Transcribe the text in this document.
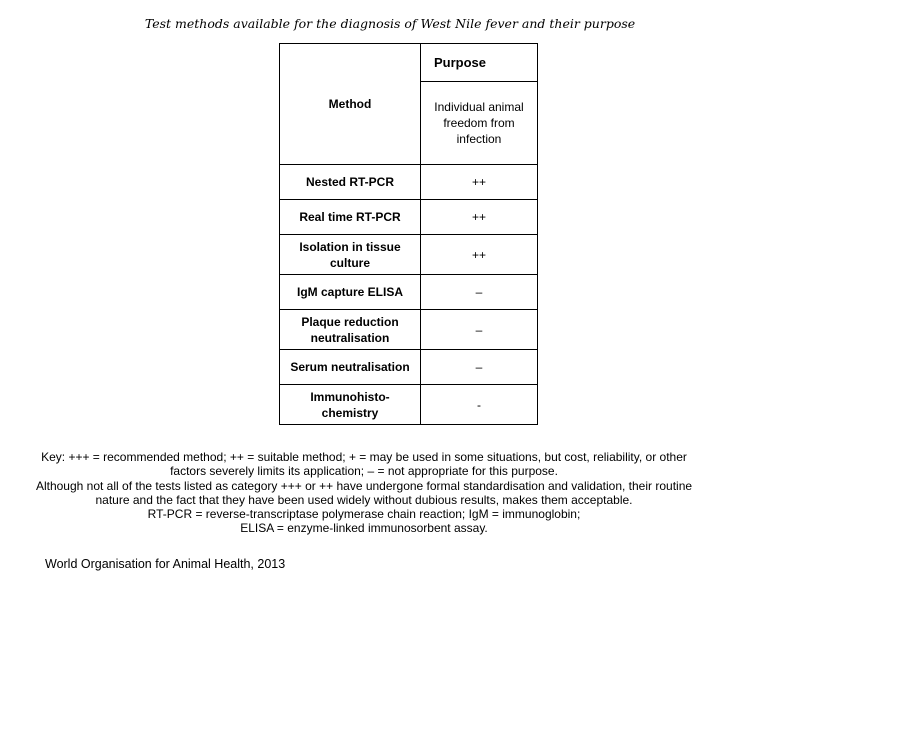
Test methods available for the diagnosis of West Nile fever and their purpose
Method	Purpose
	Individual animal freedom from infection
Nested RT-PCR	++
Real time RT-PCR	++
Isolation in tissue culture	++
IgM capture ELISA	–
Plaque reduction neutralisation	–
Serum neutralisation	–
Immunohisto-chemistry	-
Key: +++ = recommended method; ++ = suitable method; + = may be used in some situations, but cost, reliability, or other
factors severely limits its application; – = not appropriate for this purpose.
Although not all of the tests listed as category +++ or ++ have undergone formal standardisation and validation, their routine
nature and the fact that they have been used widely without dubious results, makes them acceptable.
RT-PCR = reverse-transcriptase polymerase chain reaction; IgM = immunoglobin;
ELISA = enzyme-linked immunosorbent assay.
World Organisation for Animal Health, 2013
